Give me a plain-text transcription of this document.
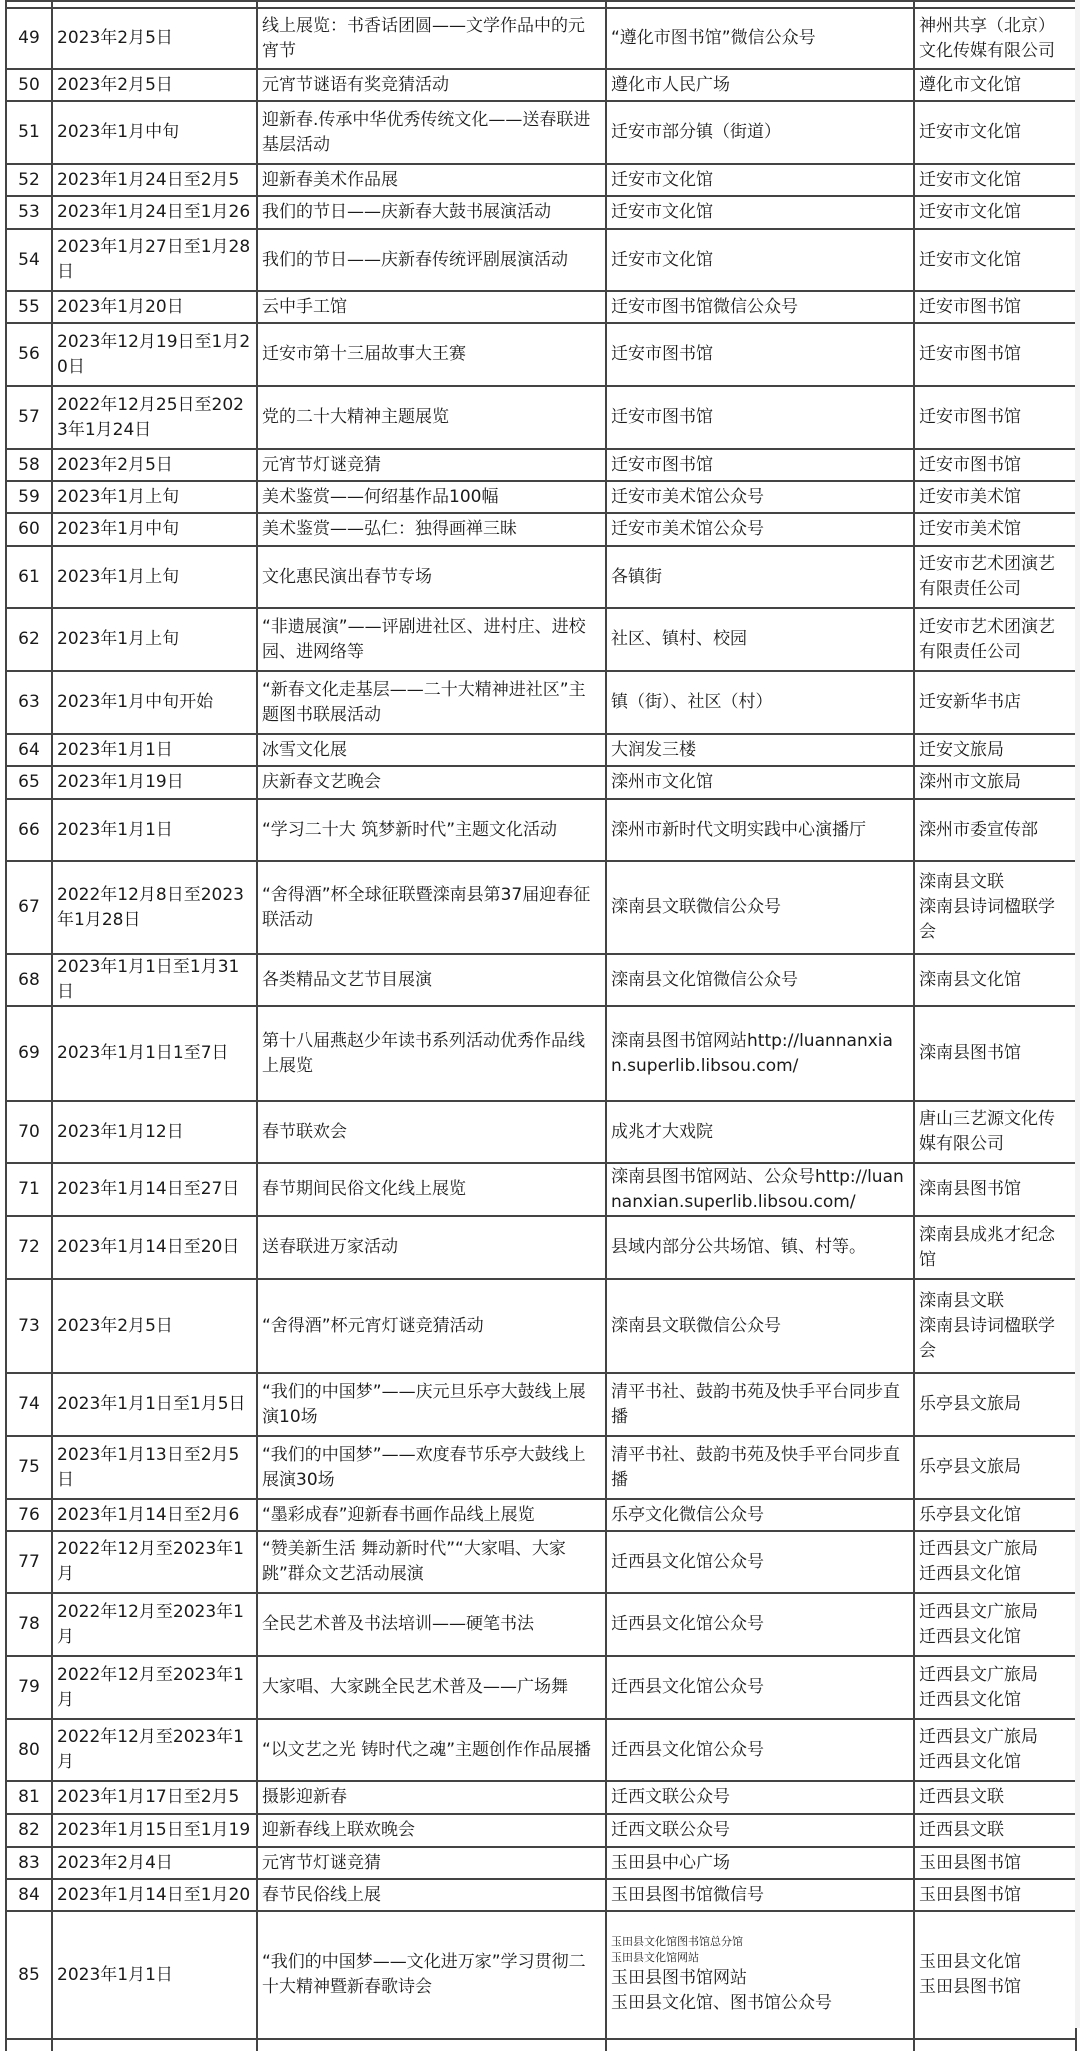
49	2023年2月5日	线上展览：书香话团圆——文学作品中的元宵节	“遵化市图书馆”微信公众号	神州共享（北京）文化传媒有限公司
50	2023年2月5日	元宵节谜语有奖竞猜活动	遵化市人民广场	遵化市文化馆
51	2023年1月中旬	迎新春.传承中华优秀传统文化——送春联进基层活动	迁安市部分镇（街道）	迁安市文化馆
52	2023年1月24日至2月5	迎新春美术作品展	迁安市文化馆	迁安市文化馆
53	2023年1月24日至1月26	我们的节日——庆新春大鼓书展演活动	迁安市文化馆	迁安市文化馆
54	2023年1月27日至1月28日	我们的节日——庆新春传统评剧展演活动	迁安市文化馆	迁安市文化馆
55	2023年1月20日	云中手工馆	迁安市图书馆微信公众号	迁安市图书馆
56	2023年12月19日至1月20日	迁安市第十三届故事大王赛	迁安市图书馆	迁安市图书馆
57	2022年12月25日至2023年1月24日	党的二十大精神主题展览	迁安市图书馆	迁安市图书馆
58	2023年2月5日	元宵节灯谜竞猜	迁安市图书馆	迁安市图书馆
59	2023年1月上旬	美术鉴赏——何绍基作品100幅	迁安市美术馆公众号	迁安市美术馆
60	2023年1月中旬	美术鉴赏——弘仁：独得画禅三昧	迁安市美术馆公众号	迁安市美术馆
61	2023年1月上旬	文化惠民演出春节专场	各镇街	迁安市艺术团演艺有限责任公司
62	2023年1月上旬	“非遗展演”——评剧进社区、进村庄、进校园、进网络等	社区、镇村、校园	迁安市艺术团演艺有限责任公司
63	2023年1月中旬开始	“新春文化走基层——二十大精神进社区”主题图书联展活动	镇（街）、社区（村）	迁安新华书店
64	2023年1月1日	冰雪文化展	大润发三楼	迁安文旅局
65	2023年1月19日	庆新春文艺晚会	滦州市文化馆	滦州市文旅局
66	2023年1月1日	“学习二十大 筑梦新时代”主题文化活动	滦州市新时代文明实践中心演播厅	滦州市委宣传部
67	2022年12月8日至2023年1月28日	“舍得酒”杯全球征联暨滦南县第37届迎春征联活动	滦南县文联微信公众号	滦南县文联
滦南县诗词楹联学会

68	2023年1月1日至1月31日	各类精品文艺节目展演	滦南县文化馆微信公众号	滦南县文化馆
69	2023年1月1日1至7日	第十八届燕赵少年读书系列活动优秀作品线上展览	滦南县图书馆网站http://luannanxian.superlib.libsou.com/	滦南县图书馆
70	2023年1月12日	春节联欢会	成兆才大戏院	唐山三艺源文化传媒有限公司
71	2023年1月14日至27日	春节期间民俗文化线上展览	滦南县图书馆网站、公众号http://luannanxian.superlib.libsou.com/	滦南县图书馆
72	2023年1月14日至20日	送春联进万家活动	县域内部分公共场馆、镇、村等。	滦南县成兆才纪念馆
73	2023年2月5日	“舍得酒”杯元宵灯谜竞猜活动	滦南县文联微信公众号	滦南县文联
滦南县诗词楹联学会

74	2023年1月1日至1月5日	“我们的中国梦”——庆元旦乐亭大鼓线上展演10场	清平书社、鼓韵书苑及快手平台同步直播	乐亭县文旅局
75	2023年1月13日至2月5日	“我们的中国梦”——欢度春节乐亭大鼓线上展演30场	清平书社、鼓韵书苑及快手平台同步直播	乐亭县文旅局
76	2023年1月14日至2月6	“墨彩成春”迎新春书画作品线上展览	乐亭文化微信公众号	乐亭县文化馆
77	2022年12月至2023年1月	“赞美新生活 舞动新时代”“大家唱、大家跳”群众文艺活动展演	迁西县文化馆公众号	迁西县文广旅局
迁西县文化馆

78	2022年12月至2023年1月	全民艺术普及书法培训——硬笔书法	迁西县文化馆公众号	迁西县文广旅局
迁西县文化馆

79	2022年12月至2023年1月	大家唱、大家跳全民艺术普及——广场舞	迁西县文化馆公众号	迁西县文广旅局
迁西县文化馆

80	2022年12月至2023年1月	“以文艺之光 铸时代之魂”主题创作作品展播	迁西县文化馆公众号	迁西县文广旅局
迁西县文化馆

81	2023年1月17日至2月5	摄影迎新春	迁西文联公众号	迁西县文联
82	2023年1月15日至1月19	迎新春线上联欢晚会	迁西文联公众号	迁西县文联
83	2023年2月4日	元宵节灯谜竞猜	玉田县中心广场	玉田县图书馆
84	2023年1月14日至1月20	春节民俗线上展	玉田县图书馆微信号	玉田县图书馆
85	2023年1月1日	“我们的中国梦——文化进万家”学习贯彻二十大精神暨新春歌诗会	玉田县文化馆图书馆总分馆
玉田县文化馆网站
玉田县图书馆网站
玉田县文化馆、图书馆公众号	玉田县文化馆
玉田县图书馆
